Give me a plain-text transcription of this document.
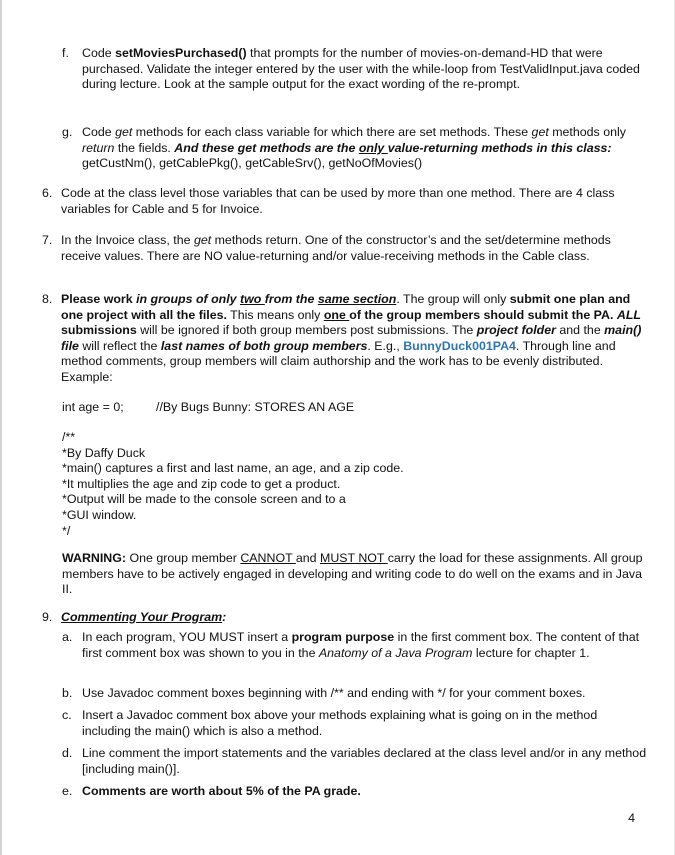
f. Code setMoviesPurchased() that prompts for the number of movies-on-demand-HD that were purchased. Validate the integer entered by the user with the while-loop from TestValidInput.java coded during lecture. Look at the sample output for the exact wording of the re-prompt.
g. Code get methods for each class variable for which there are set methods. These get methods only return the fields. And these get methods are the only value-returning methods in this class: getCustNm(), getCablePkg(), getCableSrv(), getNoOfMovies()
6. Code at the class level those variables that can be used by more than one method. There are 4 class variables for Cable and 5 for Invoice.
7. In the Invoice class, the get methods return. One of the constructor’s and the set/determine methods receive values. There are NO value-returning and/or value-receiving methods in the Cable class.
8. Please work in groups of only two from the same section. The group will only submit one plan and one project with all the files. This means only one of the group members should submit the PA. ALL submissions will be ignored if both group members post submissions. The project folder and the main() file will reflect the last names of both group members. E.g., BunnyDuck001PA4. Through line and method comments, group members will claim authorship and the work has to be evenly distributed. Example:
int age = 0;	//By Bugs Bunny: STORES AN AGE
/**
*By Daffy Duck
*main() captures a first and last name, an age, and a zip code.
*It multiplies the age and zip code to get a product.
*Output will be made to the console screen and to a
*GUI window.
*/
WARNING: One group member CANNOT and MUST NOT carry the load for these assignments. All group members have to be actively engaged in developing and writing code to do well on the exams and in Java II.
9. Commenting Your Program:
a. In each program, YOU MUST insert a program purpose in the first comment box. The content of that first comment box was shown to you in the Anatomy of a Java Program lecture for chapter 1.
b. Use Javadoc comment boxes beginning with /** and ending with */ for your comment boxes.
c. Insert a Javadoc comment box above your methods explaining what is going on in the method including the main() which is also a method.
d. Line comment the import statements and the variables declared at the class level and/or in any method [including main()].
e. Comments are worth about 5% of the PA grade.
4
